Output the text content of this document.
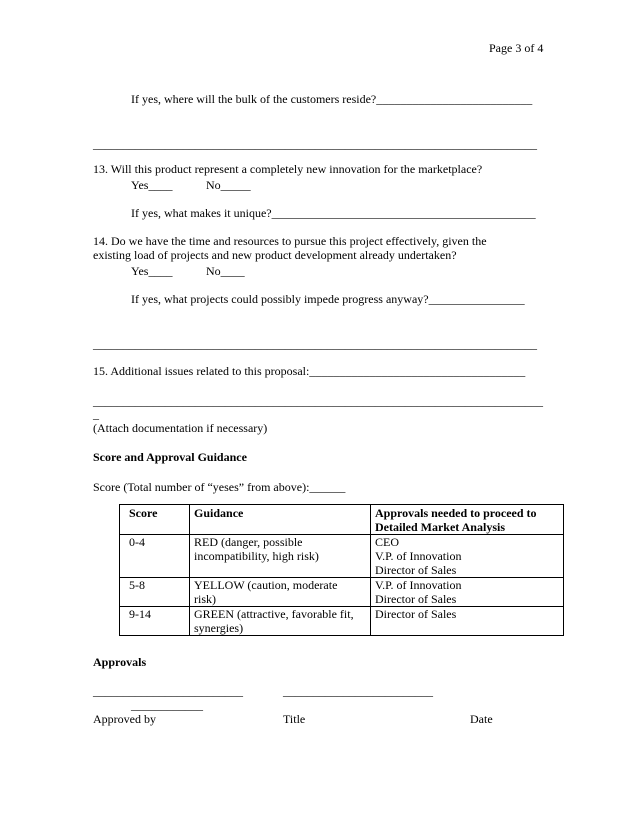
Page 3 of 4
If yes, where will the bulk of the customers reside?__________________________
__________________________________________________________________________
13. Will this product represent a completely new innovation for the marketplace?
Yes____	No_____
If yes, what makes it unique?____________________________________________
14. Do we have the time and resources to pursue this project effectively, given the
existing load of projects and new product development already undertaken?
Yes____	No____
If yes, what projects could possibly impede progress anyway?________________
__________________________________________________________________________
15. Additional issues related to this proposal:____________________________________
___________________________________________________________________________
_
(Attach documentation if necessary)
Score and Approval Guidance
Score (Total number of “yeses” from above):______
Score	Guidance	Approvals needed to proceed to Detailed Market Analysis
0-4	RED (danger, possible
incompatibility, high risk)	CEO
V.P. of Innovation
Director of Sales

5-8	YELLOW (caution, moderate
risk)	V.P. of Innovation
Director of Sales

9-14	GREEN (attractive, favorable fit,
synergies)	Director of Sales
Approvals
_________________________	_________________________
____________
Approved by	Title	Date
